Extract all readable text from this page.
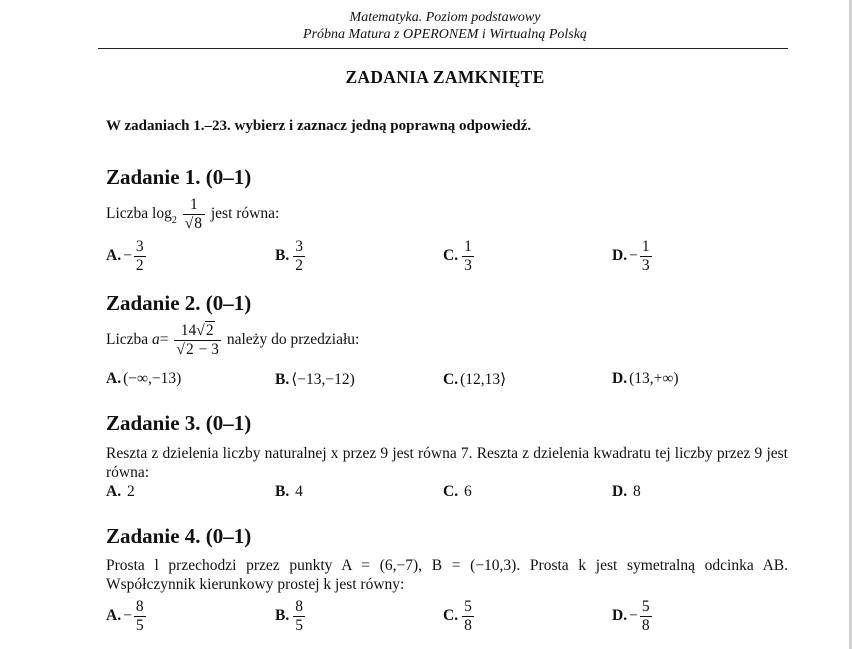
Matematyka. Poziom podstawowy
Próbna Matura z OPERONEM i Wirtualną Polską
ZADANIA ZAMKNIĘTE
W zadaniach 1.–23. wybierz i zaznacz jedną poprawną odpowiedź.
Zadanie 1. (0–1)
Liczba $\log_2 \frac{1}{√8}$ jest równa:
A. − $\frac{3}{2}$	B. $\frac{3}{2}$	C. $\frac{1}{3}$	D. − $\frac{1}{3}$
Zadanie 2. (0–1)
Liczba $a= \frac{14√2}{√2 - 3}$ należy do przedziału:
A. (−∞,−13)	B. ⟨−13,−12)	C. (12,13⟩	D. (13,+∞)
Zadanie 3. (0–1)
Reszta z dzielenia liczby naturalnej x przez 9 jest równa 7. Reszta z dzielenia kwadratu tej liczby przez 9 jest równa:
A. 2	B. 4	C. 6	D. 8
Zadanie 4. (0–1)
Prosta l przechodzi przez punkty A = (6,−7), B = (−10,3). Prosta k jest symetralną odcinka AB. Współczynnik kierunkowy prostej k jest równy:
A. − $\frac{8}{5}$	B. $\frac{8}{5}$	C. $\frac{5}{8}$	D. − $\frac{5}{8}$
